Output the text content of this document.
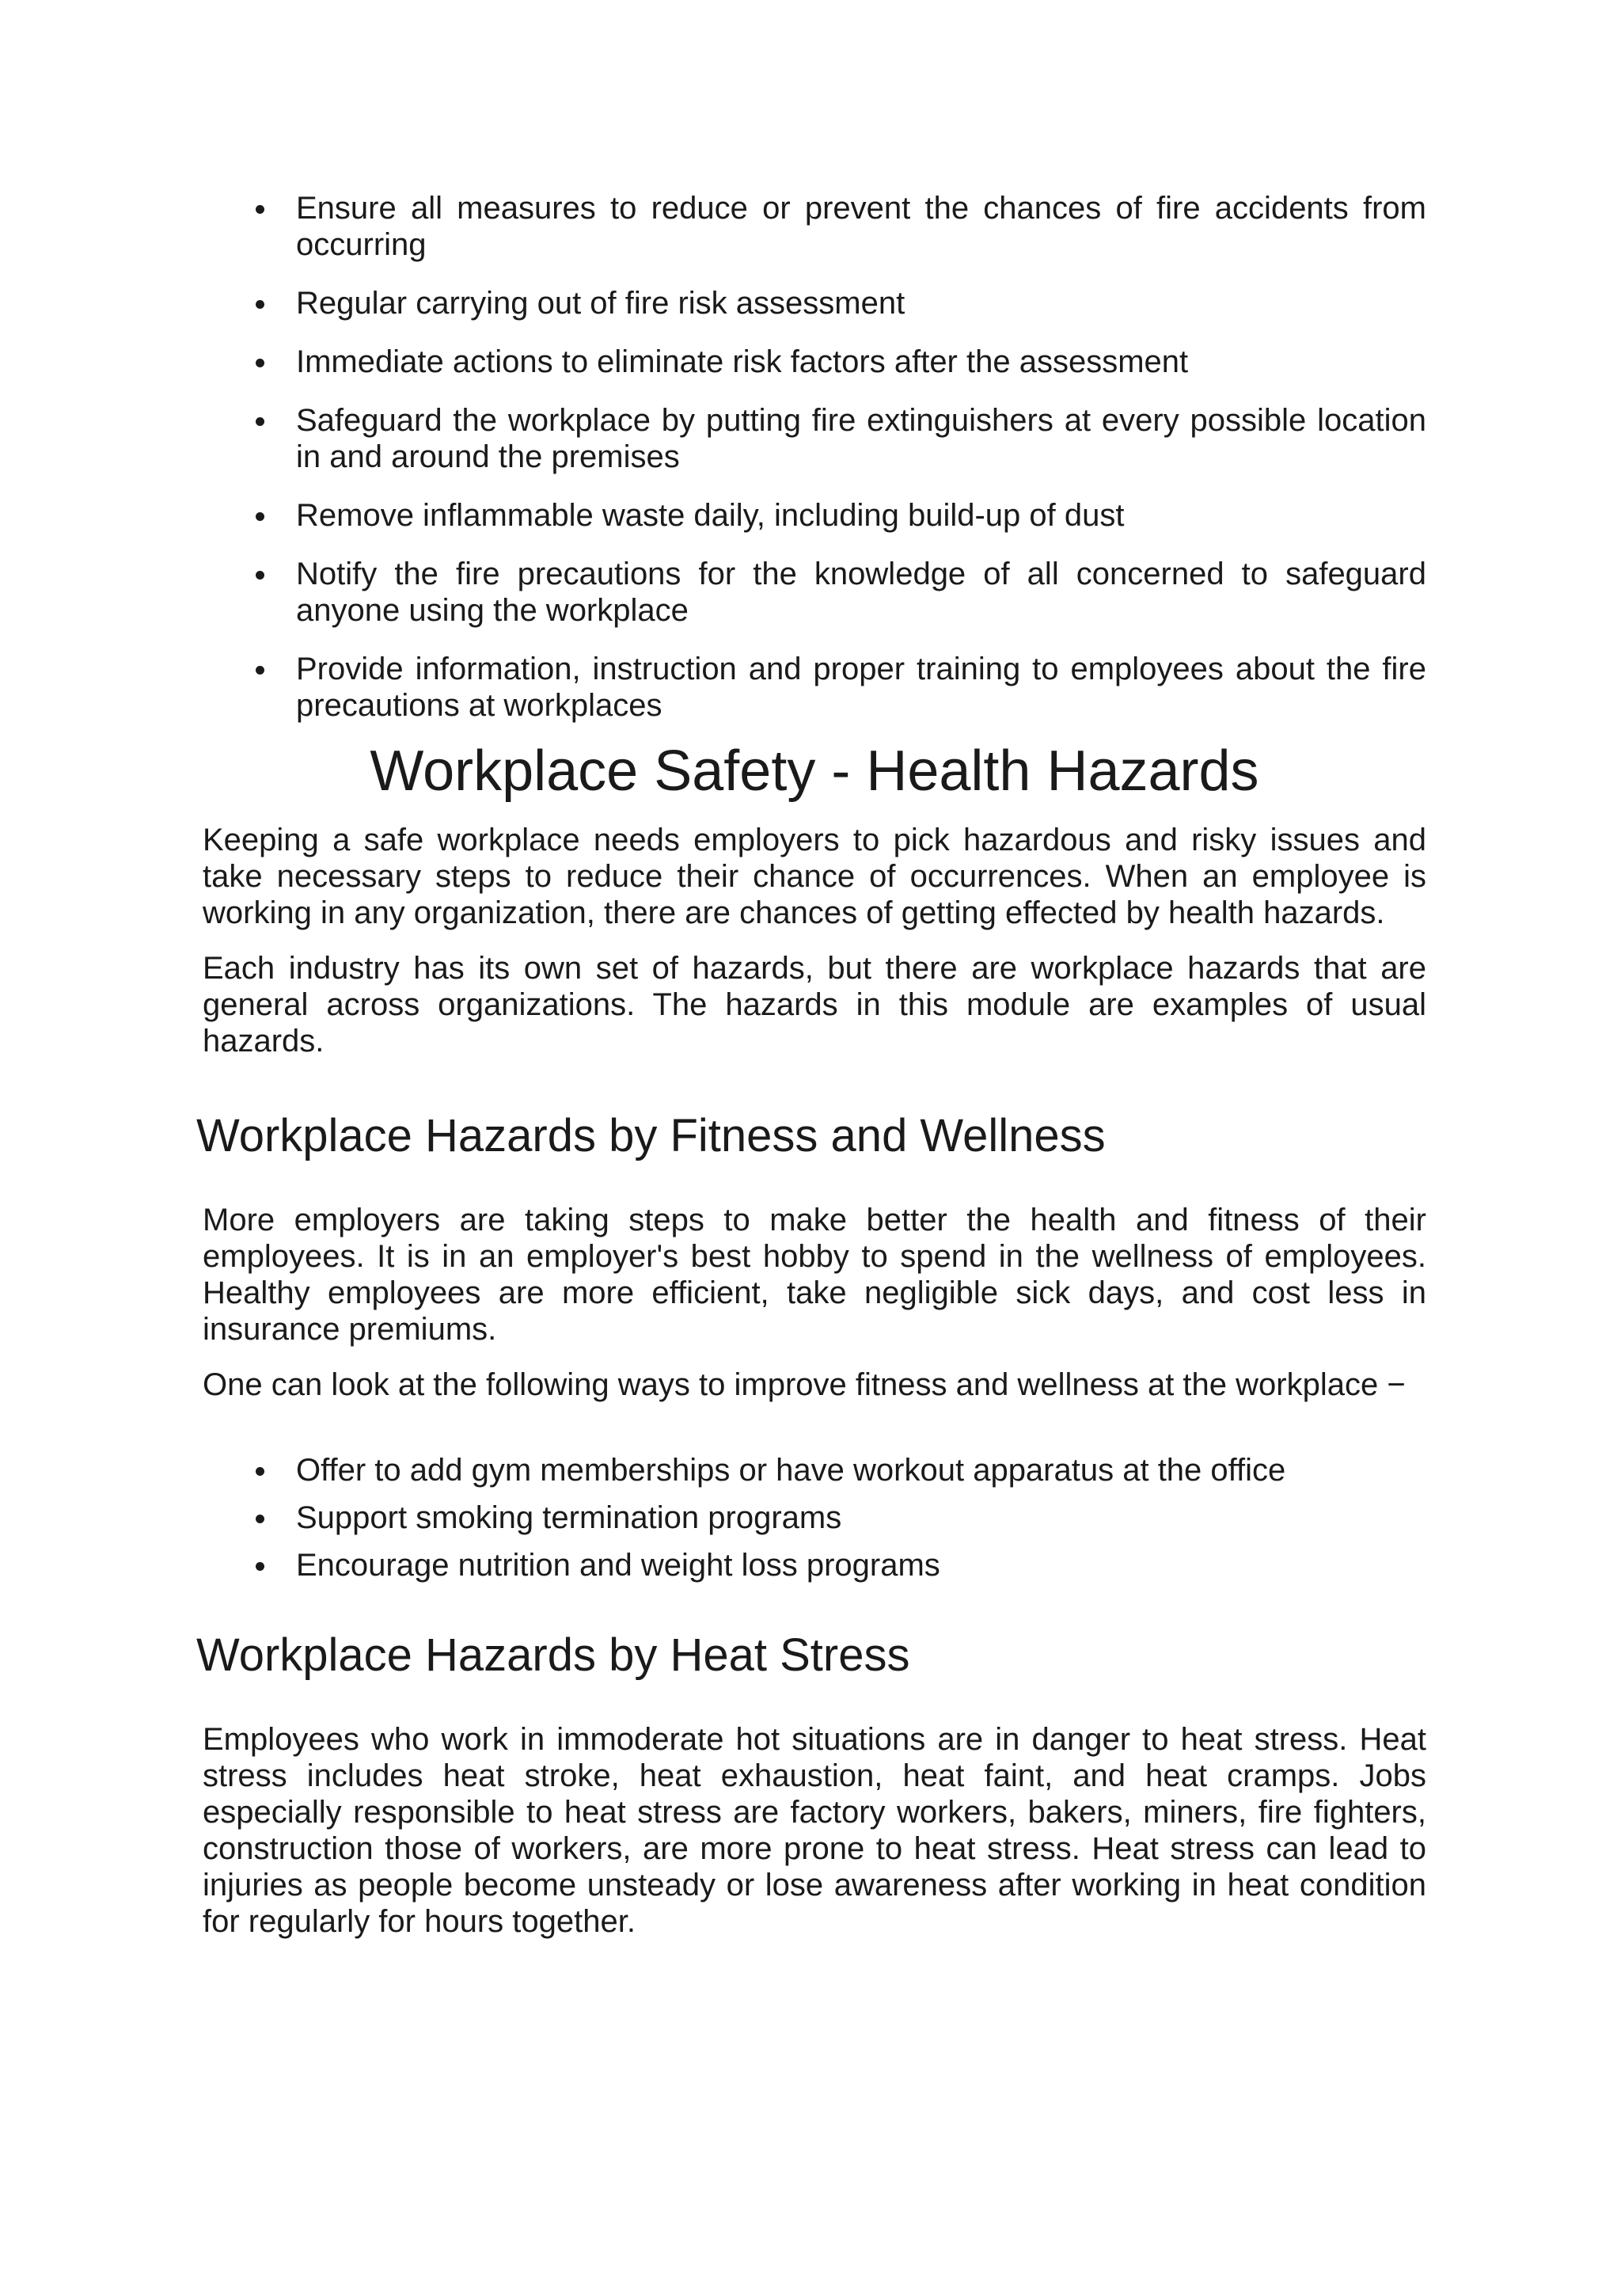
Ensure all measures to reduce or prevent the chances of fire accidents from occurring
Regular carrying out of fire risk assessment
Immediate actions to eliminate risk factors after the assessment
Safeguard the workplace by putting fire extinguishers at every possible location in and around the premises
Remove inflammable waste daily, including build-up of dust
Notify the fire precautions for the knowledge of all concerned to safeguard anyone using the workplace
Provide information, instruction and proper training to employees about the fire precautions at workplaces
Workplace Safety - Health Hazards

Keeping a safe workplace needs employers to pick hazardous and risky issues and take necessary steps to reduce their chance of occurrences. When an employee is working in any organization, there are chances of getting effected by health hazards.

Each industry has its own set of hazards, but there are workplace hazards that are general across organizations. The hazards in this module are examples of usual hazards.

Workplace Hazards by Fitness and Wellness

More employers are taking steps to make better the health and fitness of their employees. It is in an employer's best hobby to spend in the wellness of employees. Healthy employees are more efficient, take negligible sick days, and cost less in insurance premiums.

One can look at the following ways to improve fitness and wellness at the workplace −

Offer to add gym memberships or have workout apparatus at the office
Support smoking termination programs
Encourage nutrition and weight loss programs
Workplace Hazards by Heat Stress

Employees who work in immoderate hot situations are in danger to heat stress. Heat stress includes heat stroke, heat exhaustion, heat faint, and heat cramps. Jobs especially responsible to heat stress are factory workers, bakers, miners, fire fighters, construction those of workers, are more prone to heat stress. Heat stress can lead to injuries as people become unsteady or lose awareness after working in heat condition for regularly for hours together.
